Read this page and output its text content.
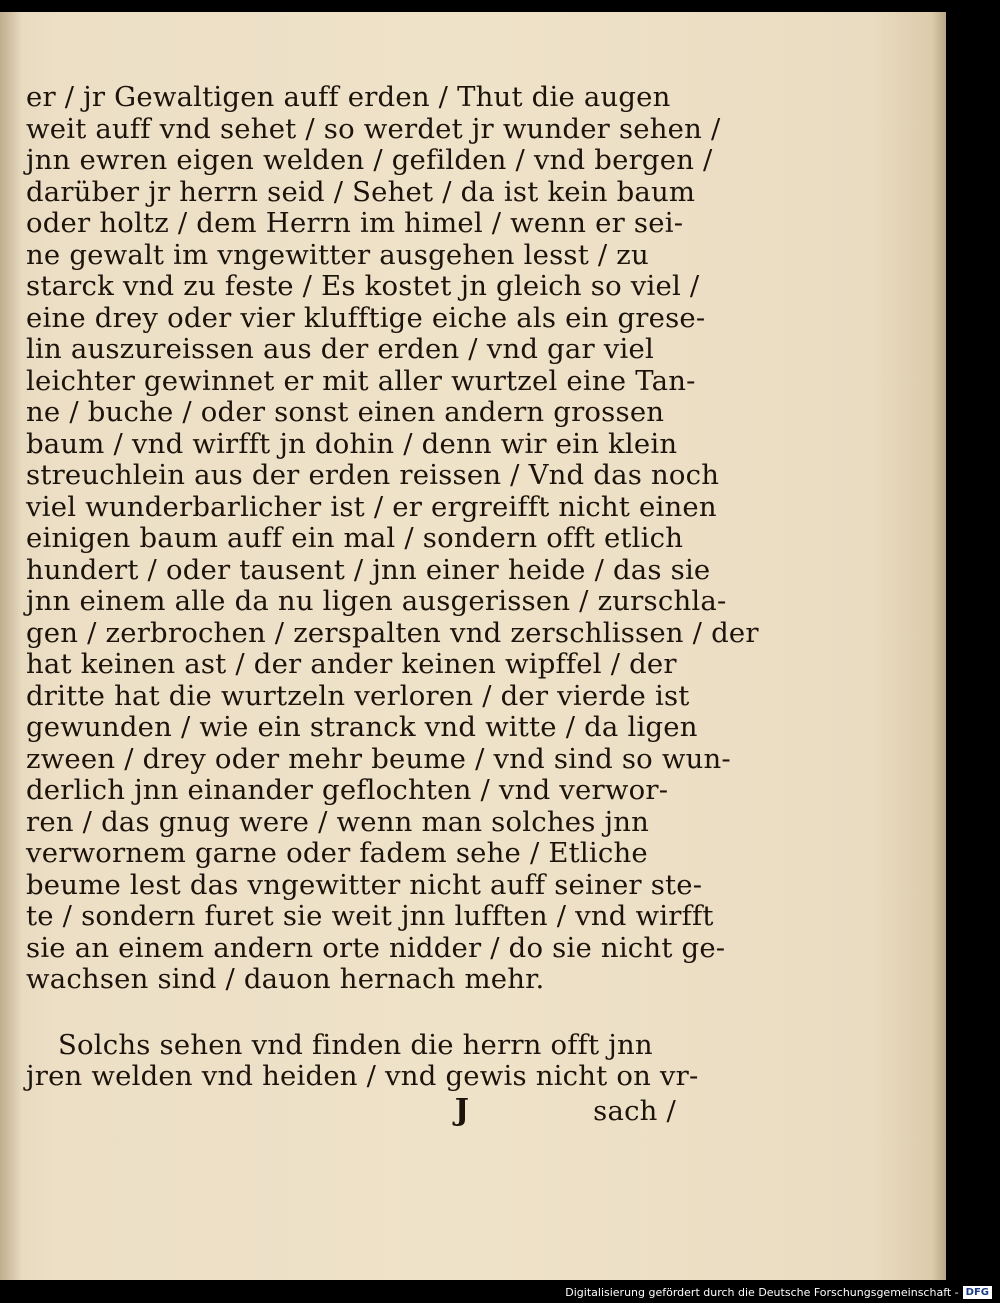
er / jr Gewaltigen auff erden / Thut die augen
weit auff vnd sehet / so werdet jr wunder sehen /
jnn ewren eigen welden / gefilden / vnd bergen /
darüber jr herrn seid / Sehet / da ist kein baum
oder holtz / dem Herrn im himel / wenn er sei-
ne gewalt im vngewitter ausgehen lesst / zu
starck vnd zu feste / Es kostet jn gleich so viel /
eine drey oder vier klufftige eiche als ein grese-
lin auszureissen aus der erden / vnd gar viel
leichter gewinnet er mit aller wurtzel eine Tan-
ne / buche / oder sonst einen andern grossen
baum / vnd wirfft jn dohin / denn wir ein klein
streuchlein aus der erden reissen / Vnd das noch
viel wunderbarlicher ist / er ergreifft nicht einen
einigen baum auff ein mal / sondern offt etlich
hundert / oder tausent / jnn einer heide / das sie
jnn einem alle da nu ligen ausgerissen / zurschla-
gen / zerbrochen / zerspalten vnd zerschlissen / der
hat keinen ast / der ander keinen wipffel / der
dritte hat die wurtzeln verloren / der vierde ist
gewunden / wie ein stranck vnd witte / da ligen
zween / drey oder mehr beume / vnd sind so wun-
derlich jnn einander geflochten / vnd verwor-
ren / das gnug were / wenn man solches jnn
verwornem garne oder fadem sehe / Etliche
beume lest das vngewitter nicht auff seiner ste-
te / sondern furet sie weit jnn lufften / vnd wirfft
sie an einem andern orte nidder / do sie nicht ge-
wachsen sind / dauon hernach mehr.
Solchs sehen vnd finden die herrn offt jnn
jren welden vnd heiden / vnd gewis nicht on vr-
J	sach /
Digitalisierung gefördert durch die Deutsche Forschungsgemeinschaft - DFG
